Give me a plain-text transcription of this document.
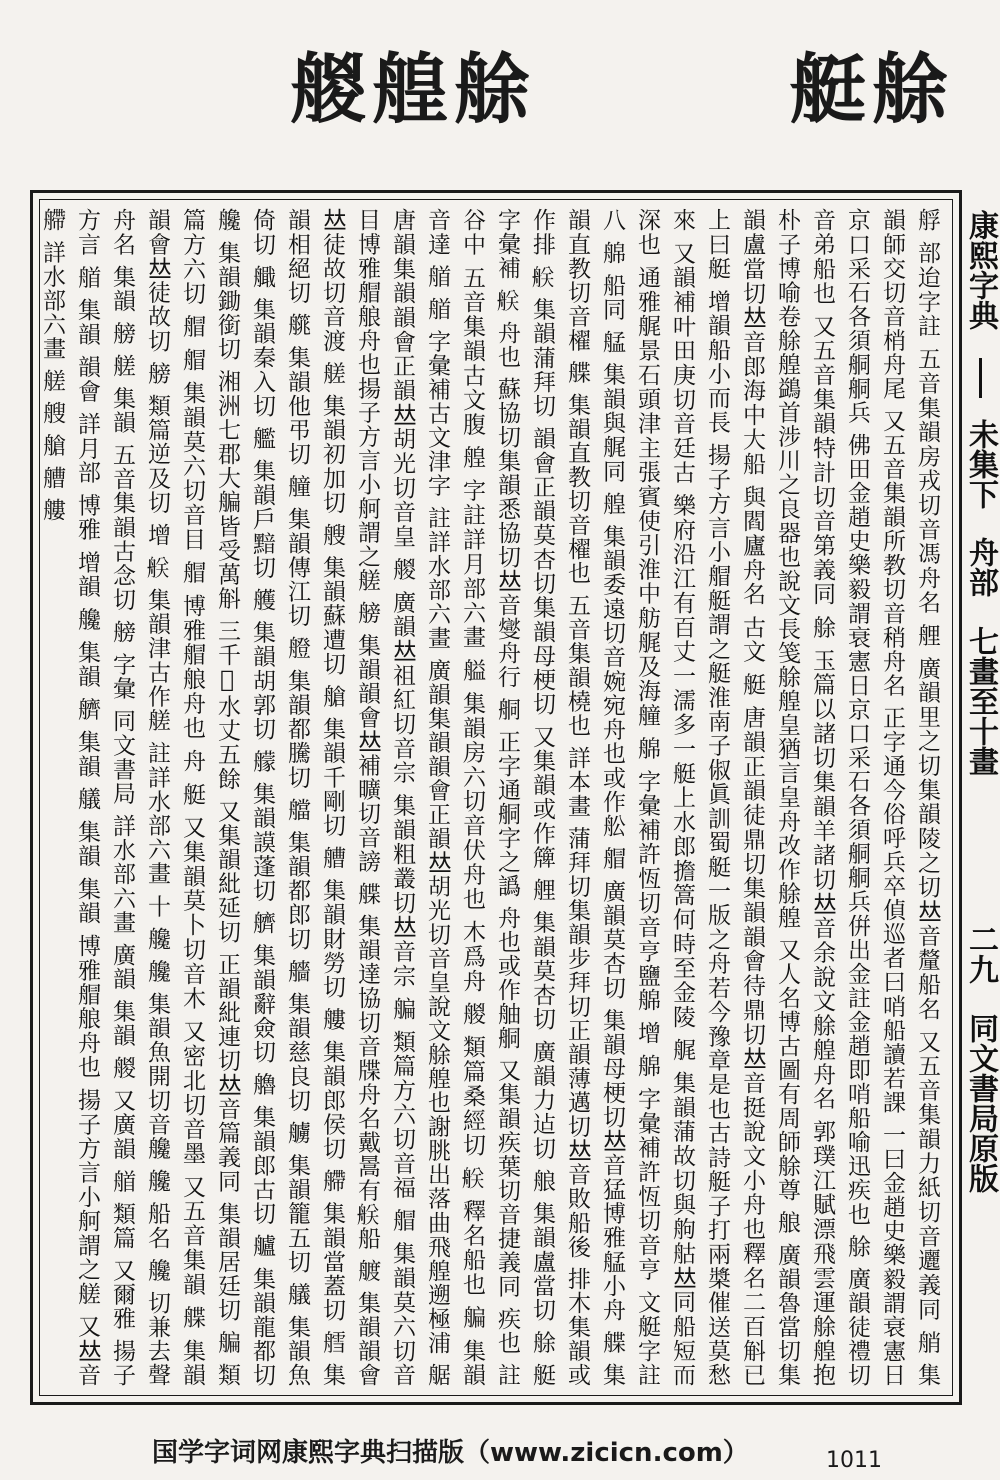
艐艎艅	艇艅
艀 部迨字註 五音集韻房戎切音馮舟名 艃 廣韻里之切集韻陵之切𠀤音釐船名 又五音集韻力紙切音邐義同 艄 集韻師交切音梢舟尾 又五音集韻所教切音稍舟名 正字通今俗呼兵卒偵巡者曰哨船讀若課 一曰金趙史樂毅謂衰憲日京口采石各須𦨴𦨴兵 佛田金趙史樂毅謂衰憲日京口采石各須𦨴𦨴兵倂出金註金趙即哨船喻迅疾也 艅 廣韻徒禮切音弟船也 又五音集韻特計切音第義同 艅 玉篇以諸切集韻羊諸切𠀤音余說文艅艎舟名 郭璞江賦漂飛雲運艅艎抱朴子博喻卷艅艎鷁首涉川之良器也說文長笺艅艎皇猶言皇舟改作艅艎 又人名博古圖有周師艅尊 艆 廣韻魯當切集韻盧當切𠀤音郎海中大船 與閻廬舟名 古文 艇 唐韻正韻徒鼎切集韻韻會待鼎切𠀤音挺說文小舟也釋名二百斛已上曰艇 增韻船小而長 揚子方言小艒艇謂之艇淮南子俶眞訓蜀艇一版之舟若今豫章是也古詩艇子打兩槳催送莫愁來 又韻補叶田庚切音廷古 樂府沿江有百丈一濡多一艇上水郎擔篙何時至金陵 艉 集韻蒲故切與䑦䑩𠀤同船短而深也 通雅艉景石頭津主張賓使引淮中舫艉及海艟 艊 字彙補許恆切音亨鹽艊 增 艊 字彙補許恆切音亨 文艇字註 八 艊 船同 艋 集韻與艉同 艎 集韻委遠切音婉宛舟也或作舩 艒 廣韻莫杏切 集韻母梗切𠀤音猛博雅艋小舟 艓 集韻直教切音櫂 艓 集韻直教切音櫂也 五音集韻橈也 詳本畫 蒲拜切集韻步拜切正韻薄邁切𠀤音敗船後 排木集韻或作排 𦨶 集韻蒲拜切 韻會正韻莫杏切集韻母梗切 又集韻或作簰 艃 集韻莫杏切 廣韻力迠切 艆 集韻盧當切 艅 艇 字彙補 𦨶 舟也 蘇協切集韻悉協切𠀤音燮舟行 𦨴 正字通𦨴字之譌 舟也或作舳𦨴 又集韻疾葉切音捷義同 疾也 註谷中 五音集韻古文腹 艎 字註詳月部六畫 艗 集韻房六切音伏舟也 木爲舟 艐 類篇桑經切 𦨶 釋名船也 艑 集韻音達 艏 艏 字彙補古文津字 註詳水部六畫 廣韻集韻韻會正韻𠀤胡光切音皇說文艅艎也謝朓出落曲飛艎遡極浦 艍 唐韻集韻韻會正韻𠀤胡光切音皇 艐 廣韻𠀤祖紅切音宗 集韻粗叢切𠀤音宗 艑 類篇方六切音福 艒 集韻莫六切音目博雅艒艆舟也揚子方言小舸謂之艖 艕 集韻韻會𠀤補曠切音謗 艓 集韻達協切音牒舟名戴暠有𦨶船 艔 集韻韻會𠀤徒故切音渡 艖 集韻初加切 艘 集韻蘇遭切 艙 集韻千剛切 艚 集韻財勞切 艛 集韻郎侯切 艜 集韻當蓋切 艝 集韻相絕切 艞 集韻他弔切 艟 集韻傳江切 艠 集韻都騰切 艡 集韻都郎切 艢 集韻慈良切 艣 集韻籠五切 艤 集韻魚倚切 艥 集韻秦入切 艦 集韻戶黯切 艧 集韻胡郭切 艨 集韻謨蓬切 艩 集韻辭僉切 艪 集韻郎古切 艫 集韻龍都切 艬 集韻鋤銜切 湘洲七郡大艑皆受萬斛 三千𢈪水丈五餘 又集韻紕延切 正韻紕連切𠀤音篇義同 集韻居廷切 艑 類篇方六切 艒 艒 集韻莫六切音目 艒 博雅艒艆舟也 舟 艇 又集韻莫卜切音木 又密北切音墨 又五音集韻 艓 集韻韻會𠀤徒故切 艕 類篇逆及切 增 𦨶 集韻津古作艖 註詳水部六畫 十 艬 艬 集韻魚開切音艬 艬 船名 艬 切兼去聲 舟名 集韻 艕 艖 集韻 五音集韻古念切 艕 字彙 同文書局 詳水部六畫 廣韻 集韻 艐 又廣韻 艏 類篇 又爾雅 揚子方言 艏 集韻 韻會 詳月部 博雅 增韻 艬 集韻 艩 集韻 艤 集韻 集韻 博雅艒艆舟也 揚子方言小舸謂之艖 又𠀤音 艜 詳水部六畫 艖 艘 艙 艚 艛	康熙字典  未集下 舟部 七畫至十畫 二九 同文書局原版
国学字词网康熙字典扫描版（www.zicicn.com）	1011
